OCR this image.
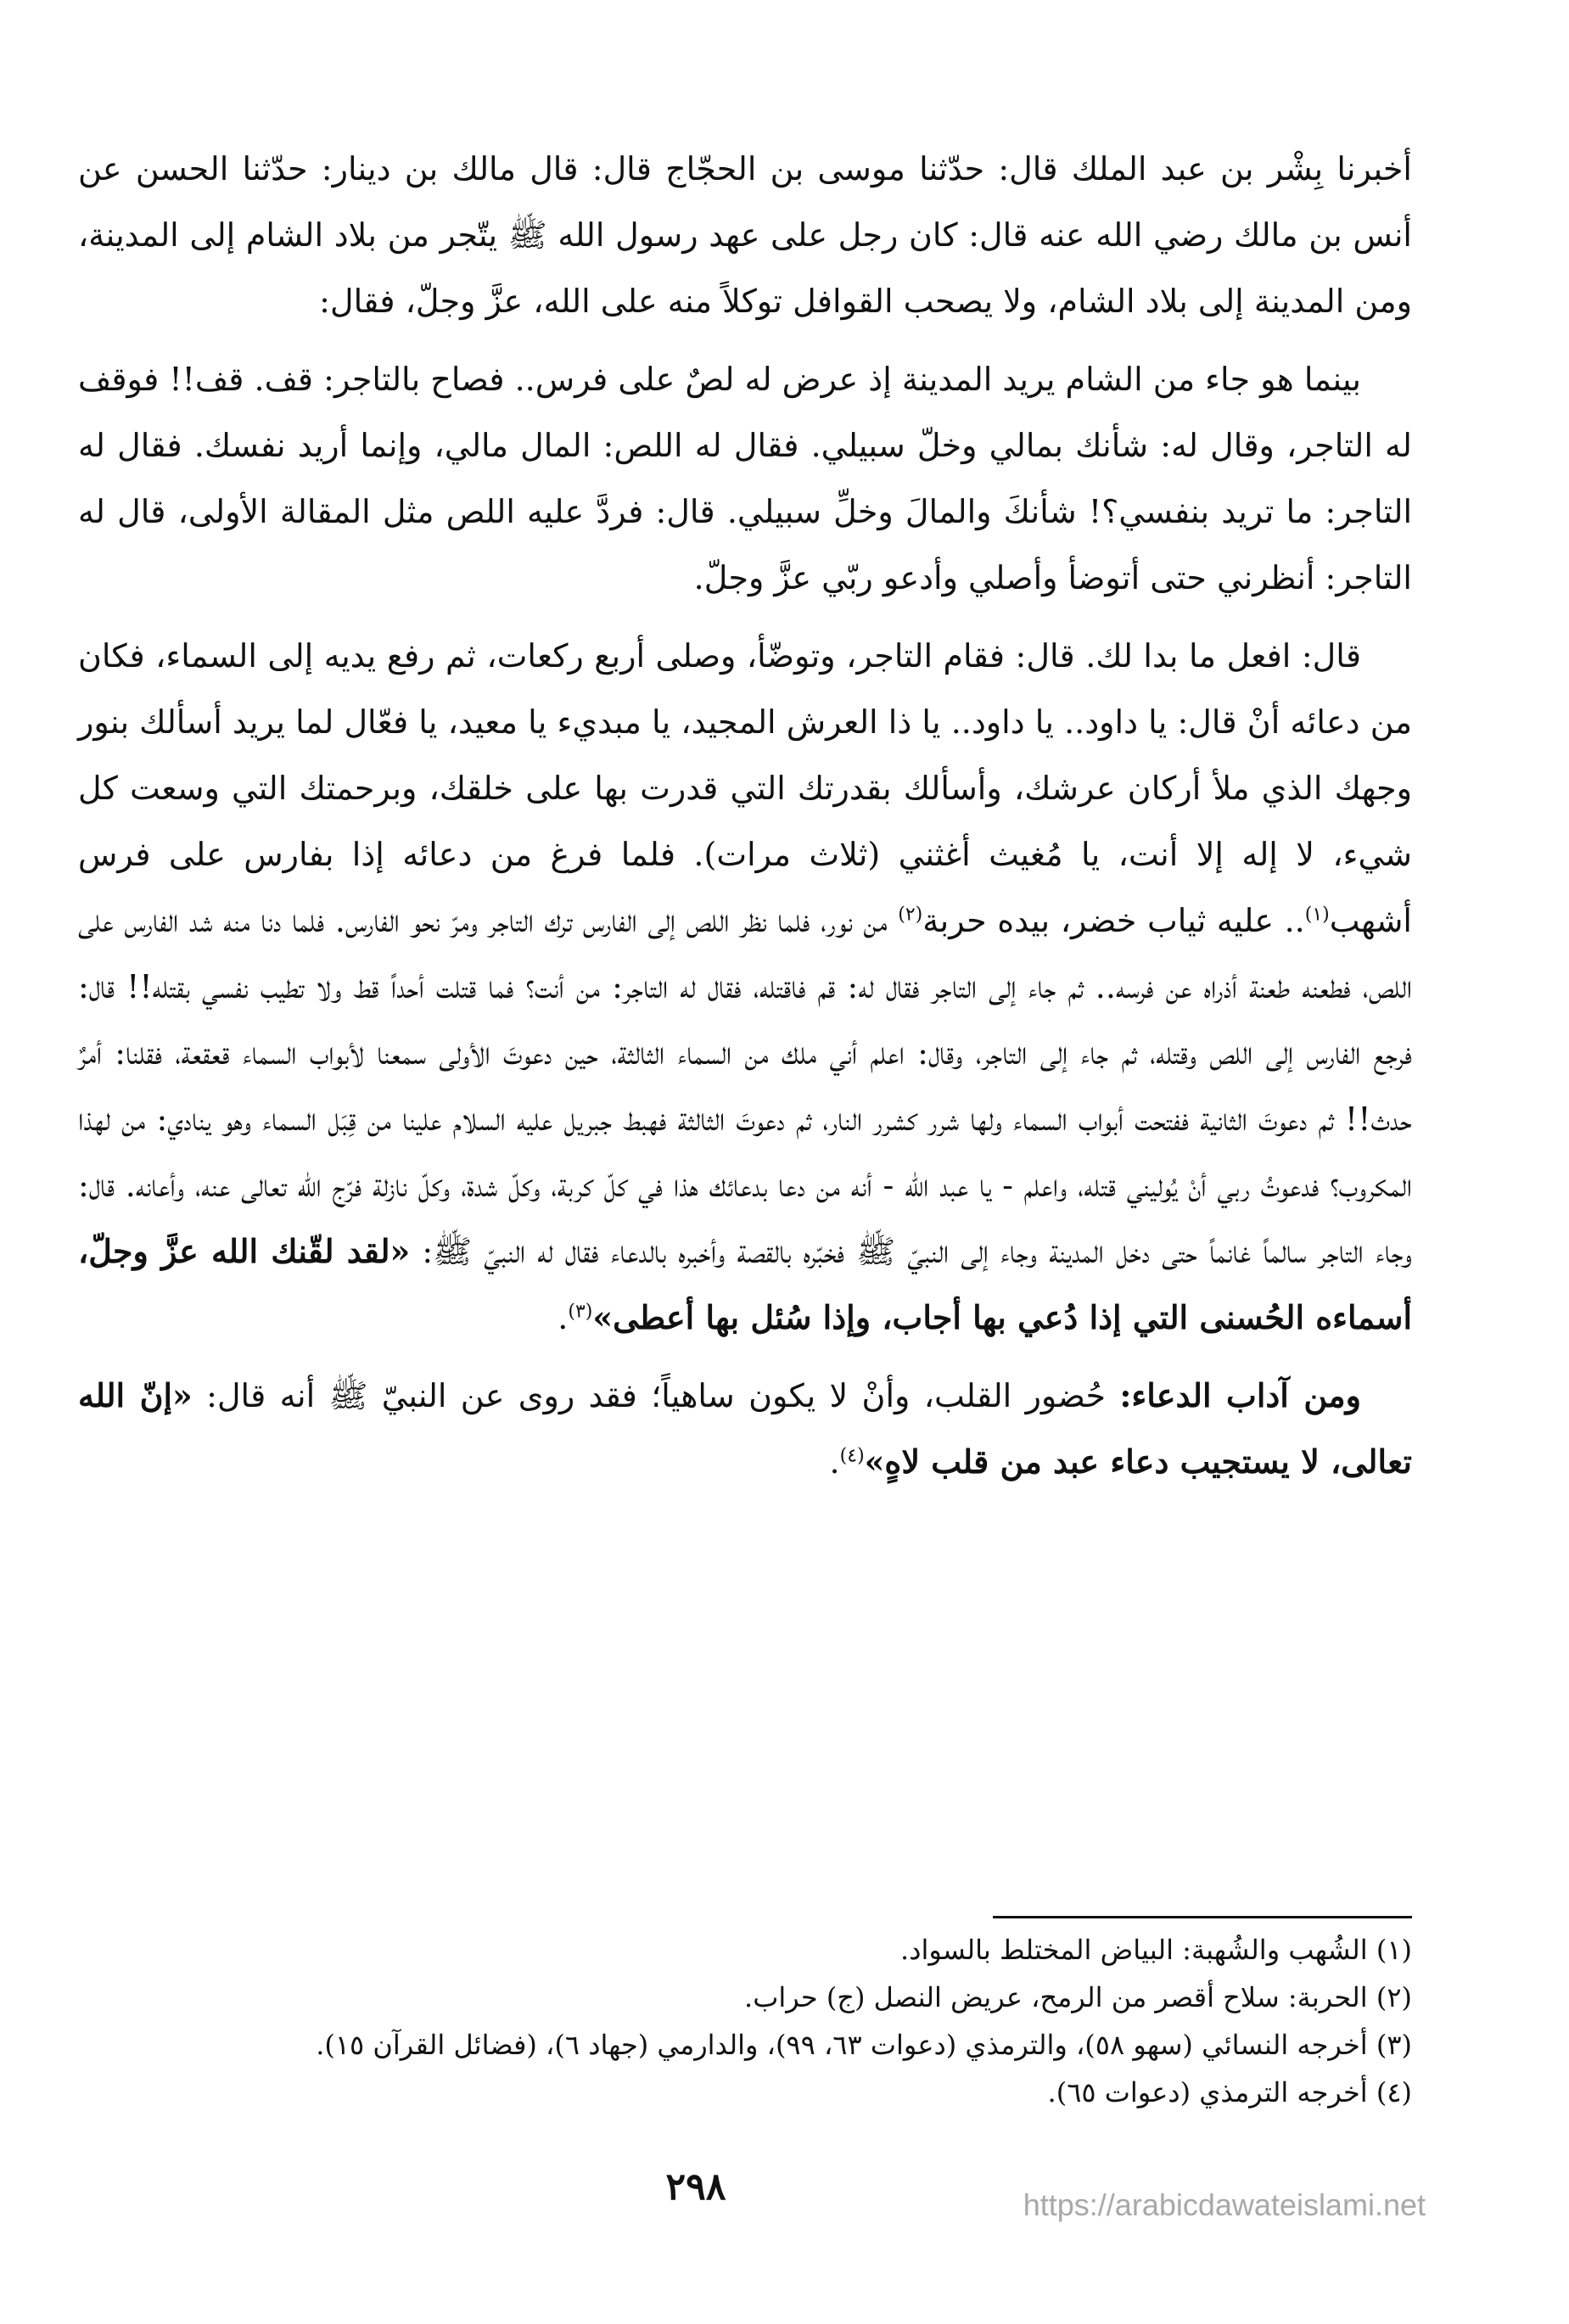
أخبرنا بِشْر بن عبد الملك قال: حدّثنا موسى بن الحجّاج قال: قال مالك بن دينار: حدّثنا الحسن عن أنس بن مالك رضي الله عنه قال: كان رجل على عهد رسول الله ﷺ يتّجر من بلاد الشام إلى المدينة، ومن المدينة إلى بلاد الشام، ولا يصحب القوافل توكلاً منه على الله، عزَّ وجلّ، فقال:

بينما هو جاء من الشام يريد المدينة إذ عرض له لصٌ على فرس.. فصاح بالتاجر: قف. قف!! فوقف له التاجر، وقال له: شأنك بمالي وخلّ سبيلي. فقال له اللص: المال مالي، وإنما أريد نفسك. فقال له التاجر: ما تريد بنفسي؟! شأنكَ والمالَ وخلِّ سبيلي. قال: فردَّ عليه اللص مثل المقالة الأولى، قال له التاجر: أنظرني حتى أتوضأ وأصلي وأدعو ربّي عزَّ وجلّ.

قال: افعل ما بدا لك. قال: فقام التاجر، وتوضّأ، وصلى أربع ركعات، ثم رفع يديه إلى السماء، فكان من دعائه أنْ قال: يا داود.. يا داود.. يا ذا العرش المجيد، يا مبديء يا معيد، يا فعّال لما يريد أسألك بنور وجهك الذي ملأ أركان عرشك، وأسألك بقدرتك التي قدرت بها على خلقك، وبرحمتك التي وسعت كل شيء، لا إله إلا أنت، يا مُغيث أغثني (ثلاث مرات). فلما فرغ من دعائه إذا بفارس على فرس أشهب$^{(١)}$.. عليه ثياب خضر، بيده حربة$^{(٢)}$ من نور، فلما نظر اللص إلى الفارس ترك التاجر ومرّ نحو الفارس. فلما دنا منه شد الفارس على اللص، فطعنه طعنة أذراه عن فرسه.. ثم جاء إلى التاجر فقال له: قم فاقتله، فقال له التاجر: من أنت؟ فما قتلت أحداً قط ولا تطيب نفسي بقتله!! قال: فرجع الفارس إلى اللص وقتله، ثم جاء إلى التاجر، وقال: اعلم أني ملك من السماء الثالثة، حين دعوتَ الأولى سمعنا لأبواب السماء قعقعة، فقلنا: أمرٌ حدث!! ثم دعوتَ الثانية ففتحت أبواب السماء ولها شرر كشرر النار، ثم دعوتَ الثالثة فهبط جبريل عليه السلام علينا من قِبَل السماء وهو ينادي: من لهذا المكروب؟ فدعوتُ ربي أنْ يُوليني قتله، واعلم - يا عبد الله - أنه من دعا بدعائك هذا في كلّ كربة، وكلّ شدة، وكلّ نازلة فرّج الله تعالى عنه، وأعانه. قال: وجاء التاجر سالماً غانماً حتى دخل المدينة وجاء إلى النبيّ ﷺ فخبّره بالقصة وأخبره بالدعاء فقال له النبيّ ﷺ: «لقد لقّنك الله عزَّ وجلّ، أسماءه الحُسنى التي إذا دُعي بها أجاب، وإذا سُئل بها أعطى»$^{(٣)}$.

ومن آداب الدعاء: حُضور القلب، وأنْ لا يكون ساهياً؛ فقد روى عن النبيّ ﷺ أنه قال: «إنّ الله تعالى، لا يستجيب دعاء عبد من قلب لاهٍ»$^{(٤)}$.

(١) الشُهب والشُهبة: البياض المختلط بالسواد.
(٢) الحربة: سلاح أقصر من الرمح، عريض النصل (ج) حراب.
(٣) أخرجه النسائي (سهو ٥٨)، والترمذي (دعوات ٦٣، ٩٩)، والدارمي (جهاد ٦)، (فضائل القرآن ١٥).
(٤) أخرجه الترمذي (دعوات ٦٥).
٢٩٨	https://arabicdawateislami.net
